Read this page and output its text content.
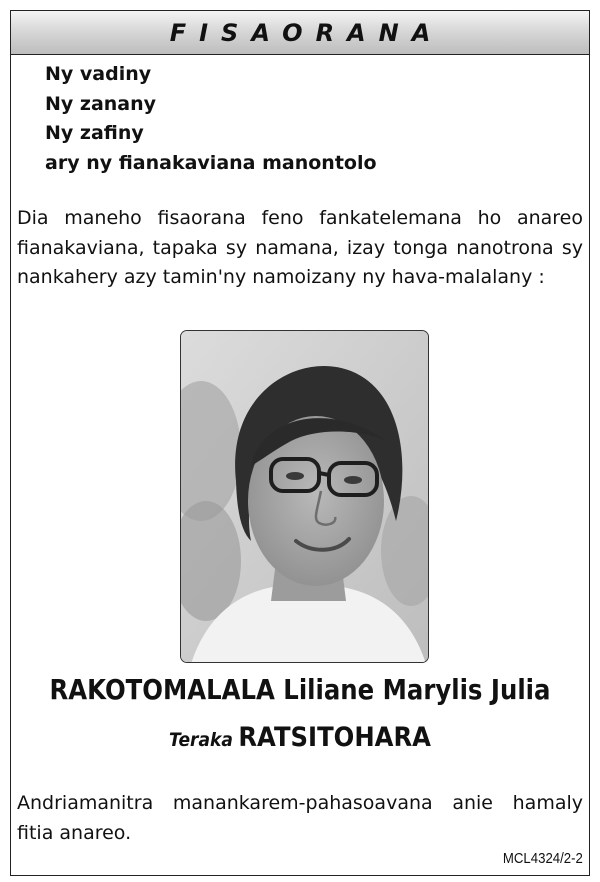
FISAORANA
Ny vadiny
Ny zanany
Ny zafiny
ary ny fianakaviana manontolo

Dia maneho fisaorana feno fankatelemana ho anareo fianakaviana, tapaka sy namana, izay tonga nanotrona sy nankahery azy tamin'ny namoizany ny hava-malalany :

RAKOTOMALALA Liliane Marylis Julia
Teraka RATSITOHARA

Andriamanitra manankarem-pahasoavana anie hamaly fitia anareo.

MCL4324/2-2
